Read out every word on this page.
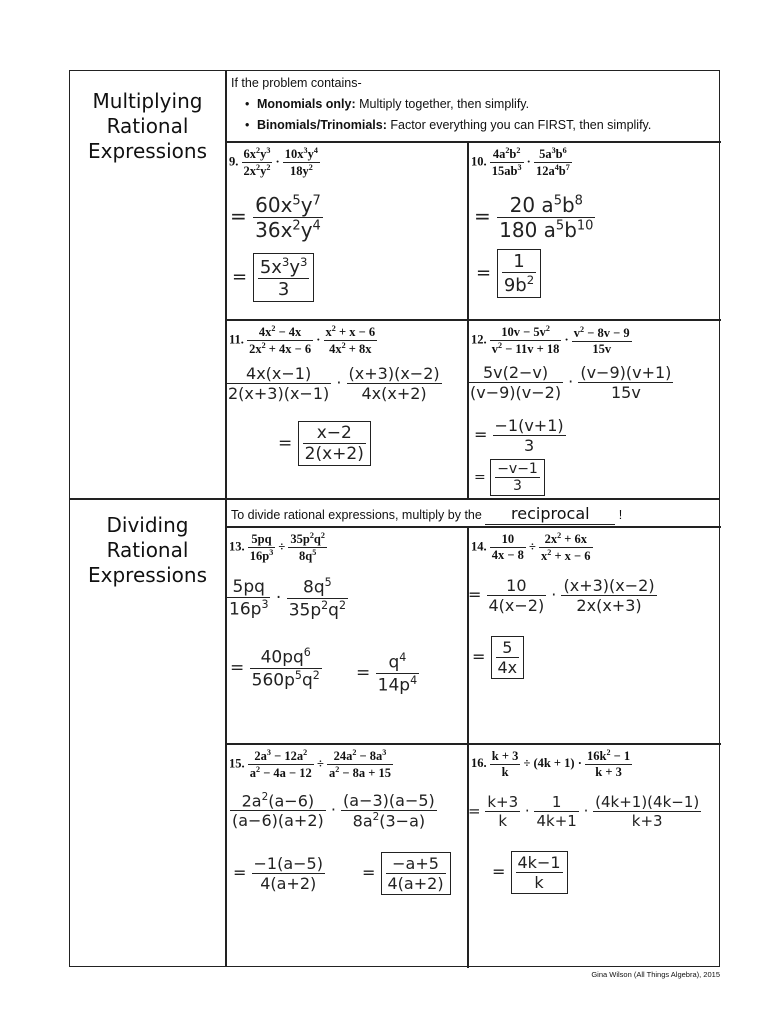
Multiplying
Rational
Expressions
Dividing
Rational
Expressions
If the problem contains-
• Monomials only: Multiply together, then simplify.
• Binomials/Trinomials: Factor everything you can FIRST, then simplify.
To divide rational expressions, multiply by the reciprocal !
9. $\frac{6x^2y^3}{2x^2y^2} \cdot \frac{10x^3y^4}{18y^2}$
= $\frac{60x^5y^7}{36x^2y^4}$
= $\frac{5x^3y^3}{3}$
10. $\frac{4a^2b^2}{15ab^3} \cdot \frac{5a^3b^6}{12a^4b^7}$
= $\frac{20 a^5b^8}{180 a^5b^{10}}$
= $\frac{1}{9b^2}$
11. $\frac{4x^2 - 4x}{2x^2 + 4x - 6} \cdot \frac{x^2 + x - 6}{4x^2 + 8x}$
$\frac{4x(x-1)}{2(x+3)(x-1)} \cdot \frac{(x+3)(x-2)}{4x(x+2)}$
= $\frac{x-2}{2(x+2)}$
12. $\frac{10v - 5v^2}{v^2 - 11v + 18} \cdot \frac{v^2 - 8v - 9}{15v}$
$\frac{5v(2-v)}{(v-9)(v-2)} \cdot \frac{(v-9)(v+1)}{15v}$
= $\frac{-1(v+1)}{3}$
= $\frac{-v-1}{3}$
13. $\frac{5pq}{16p^3} \div \frac{35p^2q^2}{8q^5}$
$\frac{5pq}{16p^3} \cdot \frac{8q^5}{35p^2q^2}$
= $\frac{40pq^6}{560p^5q^2} = \frac{q^4}{14p^4}$
14. $\frac{10}{4x - 8} \div \frac{2x^2 + 6x}{x^2 + x - 6}$
= $\frac{10}{4(x-2)} \cdot \frac{(x+3)(x-2)}{2x(x+3)}$
= $\frac{5}{4x}$
15. $\frac{2a^3 - 12a^2}{a^2 - 4a - 12} \div \frac{24a^2 - 8a^3}{a^2 - 8a + 15}$
$\frac{2a^2(a-6)}{(a-6)(a+2)} \cdot \frac{(a-3)(a-5)}{8a^2(3-a)}$
= $\frac{-1(a-5)}{4(a+2)} = \frac{-a+5}{4(a+2)}$
16. $\frac{k + 3}{k} \div (4k + 1) \cdot \frac{16k^2 - 1}{k + 3}$
= $\frac{k+3}{k} \cdot \frac{1}{4k+1} \cdot \frac{(4k+1)(4k-1)}{k+3}$
= $\frac{4k-1}{k}$
Gina Wilson (All Things Algebra), 2015
